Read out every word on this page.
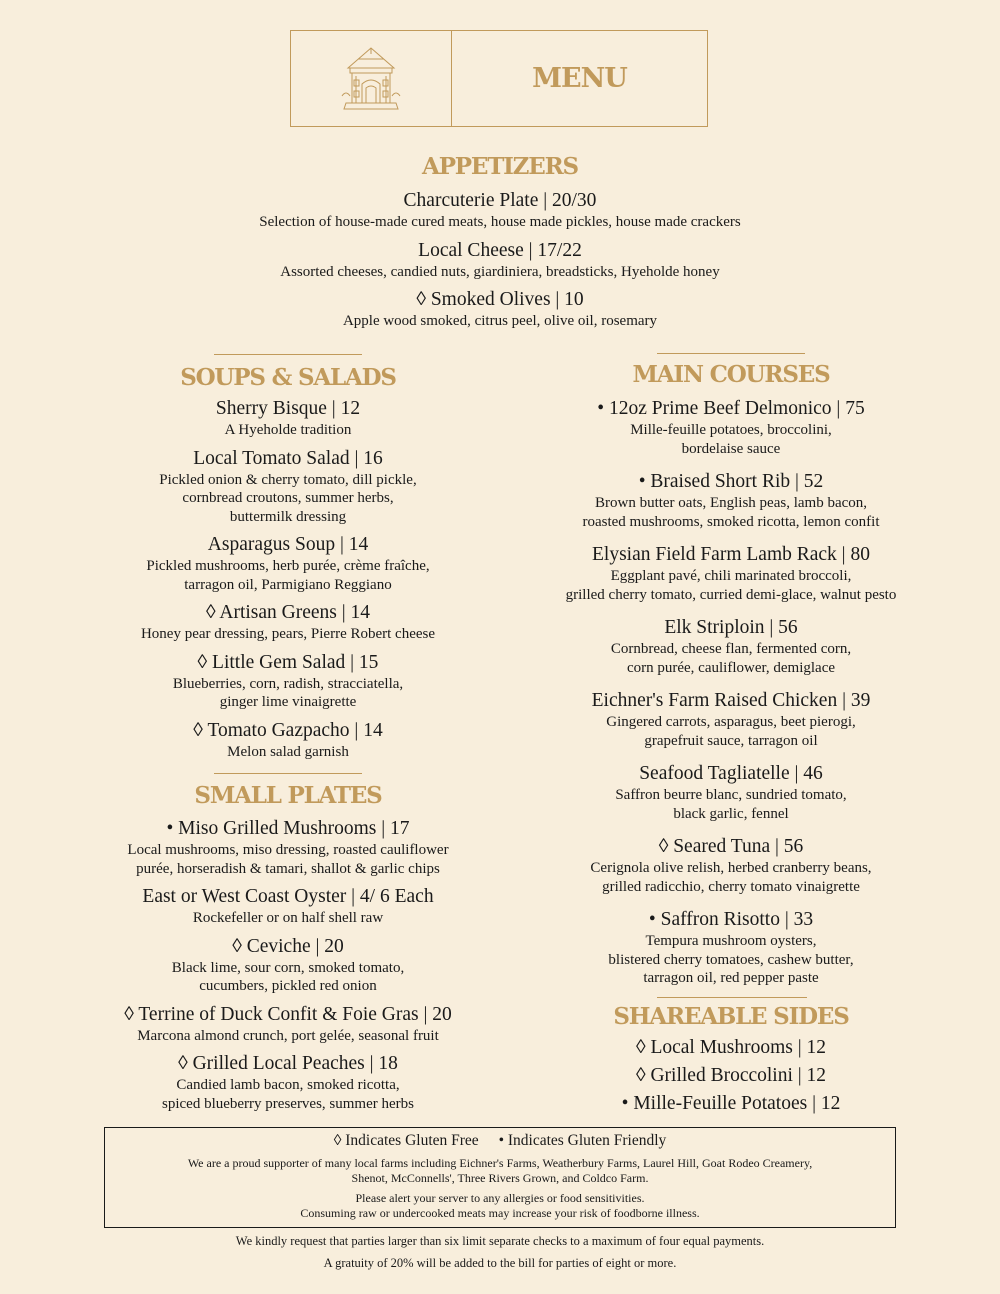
MENU
APPETIZERS
Charcuterie Plate | 20/30
Selection of house-made cured meats, house made pickles, house made crackers
Local Cheese | 17/22
Assorted cheeses, candied nuts, giardiniera, breadsticks, Hyeholde honey
◊ Smoked Olives | 10
Apple wood smoked, citrus peel, olive oil, rosemary
SOUPS & SALADS
Sherry Bisque | 12
A Hyeholde tradition
Local Tomato Salad | 16
Pickled onion & cherry tomato, dill pickle,
cornbread croutons, summer herbs,
buttermilk dressing
Asparagus Soup | 14
Pickled mushrooms, herb purée, crème fraîche,
tarragon oil, Parmigiano Reggiano
◊ Artisan Greens | 14
Honey pear dressing, pears, Pierre Robert cheese
◊ Little Gem Salad | 15
Blueberries, corn, radish, stracciatella,
ginger lime vinaigrette
◊ Tomato Gazpacho | 14
Melon salad garnish
SMALL PLATES
• Miso Grilled Mushrooms | 17
Local mushrooms, miso dressing, roasted cauliflower
purée, horseradish & tamari, shallot & garlic chips
East or West Coast Oyster | 4/ 6 Each
Rockefeller or on half shell raw
◊ Ceviche | 20
Black lime, sour corn, smoked tomato,
cucumbers, pickled red onion
◊ Terrine of Duck Confit & Foie Gras | 20
Marcona almond crunch, port gelée, seasonal fruit
◊ Grilled Local Peaches | 18
Candied lamb bacon, smoked ricotta,
spiced blueberry preserves, summer herbs
MAIN COURSES
• 12oz Prime Beef Delmonico | 75
Mille-feuille potatoes, broccolini,
bordelaise sauce
• Braised Short Rib | 52
Brown butter oats, English peas, lamb bacon,
roasted mushrooms, smoked ricotta, lemon confit
Elysian Field Farm Lamb Rack | 80
Eggplant pavé, chili marinated broccoli,
grilled cherry tomato, curried demi-glace, walnut pesto
Elk Striploin | 56
Cornbread, cheese flan, fermented corn,
corn purée, cauliflower, demiglace
Eichner's Farm Raised Chicken | 39
Gingered carrots, asparagus, beet pierogi,
grapefruit sauce, tarragon oil
Seafood Tagliatelle | 46
Saffron beurre blanc, sundried tomato,
black garlic, fennel
◊ Seared Tuna | 56
Cerignola olive relish, herbed cranberry beans,
grilled radicchio, cherry tomato vinaigrette
• Saffron Risotto | 33
Tempura mushroom oysters,
blistered cherry tomatoes, cashew butter,
tarragon oil, red pepper paste
SHAREABLE SIDES
◊ Local Mushrooms | 12
◊ Grilled Broccolini | 12
• Mille-Feuille Potatoes | 12
◊ Indicates Gluten Free • Indicates Gluten Friendly
We are a proud supporter of many local farms including Eichner's Farms, Weatherbury Farms, Laurel Hill, Goat Rodeo Creamery,
Shenot, McConnells', Three Rivers Grown, and Coldco Farm.
Please alert your server to any allergies or food sensitivities.
Consuming raw or undercooked meats may increase your risk of foodborne illness.
We kindly request that parties larger than six limit separate checks to a maximum of four equal payments.
A gratuity of 20% will be added to the bill for parties of eight or more.
